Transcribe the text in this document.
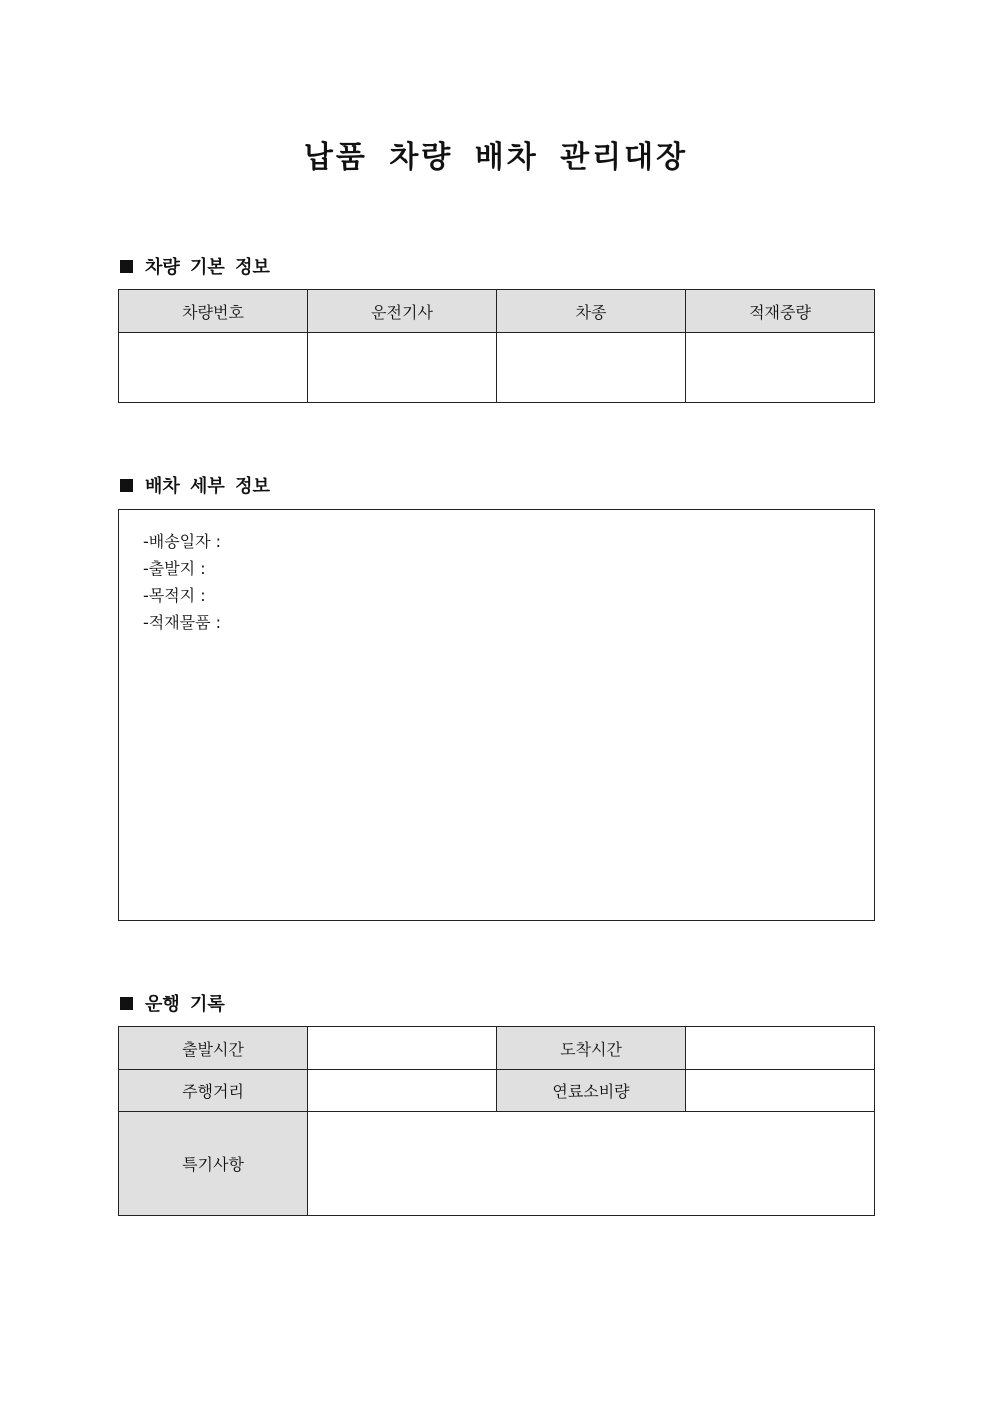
납품 차량 배차 관리대장
차량 기본 정보
차량번호	운전기사	차종	적재중량

배차 세부 정보
-배송일자 :
-출발지 :
-목적지 :
-적재물품 :
운행 기록
출발시간		도착시간	
주행거리		연료소비량	
특기사항			
